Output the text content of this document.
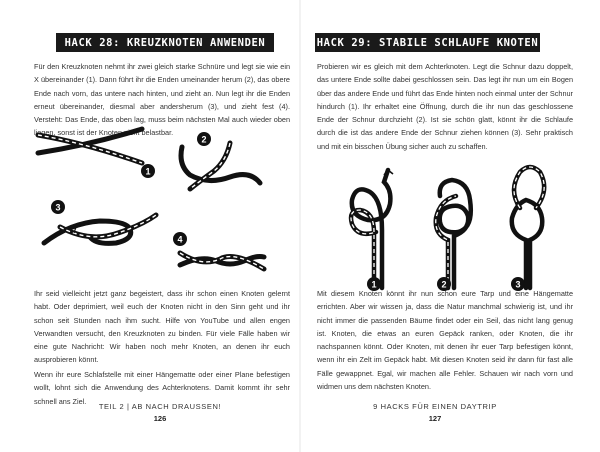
HACK 28: KREUZKNOTEN ANWENDEN

Für den Kreuzknoten nehmt ihr zwei gleich starke Schnüre und legt sie wie ein X übereinander (1). Dann führt ihr die Enden umeinander herum (2), das obere Ende nach vorn, das untere nach hinten, und zieht an. Nun legt ihr die Enden erneut übereinander, diesmal aber andersherum (3), und zieht fest (4). Versteht: Das Ende, das oben lag, muss beim nächsten Mal auch wieder oben liegen, sonst ist der Knoten nicht belastbar.

1
2
3
4

Ihr seid vielleicht jetzt ganz begeistert, dass ihr schon einen Knoten gelernt habt. Oder deprimiert, weil euch der Knoten nicht in den Sinn geht und ihr schon seit Stunden nach ihm sucht. Hilfe von YouTube und allen engen Verwandten versucht, den Kreuzknoten zu binden. Für viele Fälle haben wir eine gute Nachricht: Wir haben noch mehr Knoten, an denen ihr euch ausprobieren könnt.

Wenn ihr eure Schlafstelle mit einer Hängematte oder einer Plane befestigen wollt, lohnt sich die Anwendung des Achterknotens. Damit kommt ihr sehr schnell ans Ziel.

TEIL 2 | AB NACH DRAUSSEN!
126
HACK 29: STABILE SCHLAUFE KNOTEN

Probieren wir es gleich mit dem Achterknoten. Legt die Schnur dazu doppelt, das untere Ende sollte dabei geschlossen sein. Das legt ihr nun um ein Bogen über das andere Ende und führt das Ende hinten noch einmal unter der Schnur hindurch (1). Ihr erhaltet eine Öffnung, durch die ihr nun das geschlossene Ende der Schnur durchzieht (2). Ist sie schön glatt, könnt ihr die Schlaufe durch die ist das andere Ende der Schnur ziehen können (3). Sehr praktisch und mit ein bisschen Übung sicher auch zu schaffen.

1	2	3

Mit diesem Knoten könnt ihr nun schon eure Tarp und eine Hängematte errichten. Aber wir wissen ja, dass die Natur manchmal schwierig ist, und ihr nicht immer die passenden Bäume findet oder ein Seil, das nicht lang genug ist. Knoten, die etwas an euren Gepäck ranken, oder Knoten, die ihr nachspannen könnt. Oder Knoten, mit denen ihr euer Tarp befestigen könnt, wenn ihr ein Zelt im Gepäck habt. Mit diesen Knoten seid ihr dann für fast alle Fälle gewappnet. Egal, wir machen alle Fehler. Schauen wir nach vorn und widmen uns dem nächsten Knoten.

9 HACKS FÜR EINEN DAYTRIP
127
